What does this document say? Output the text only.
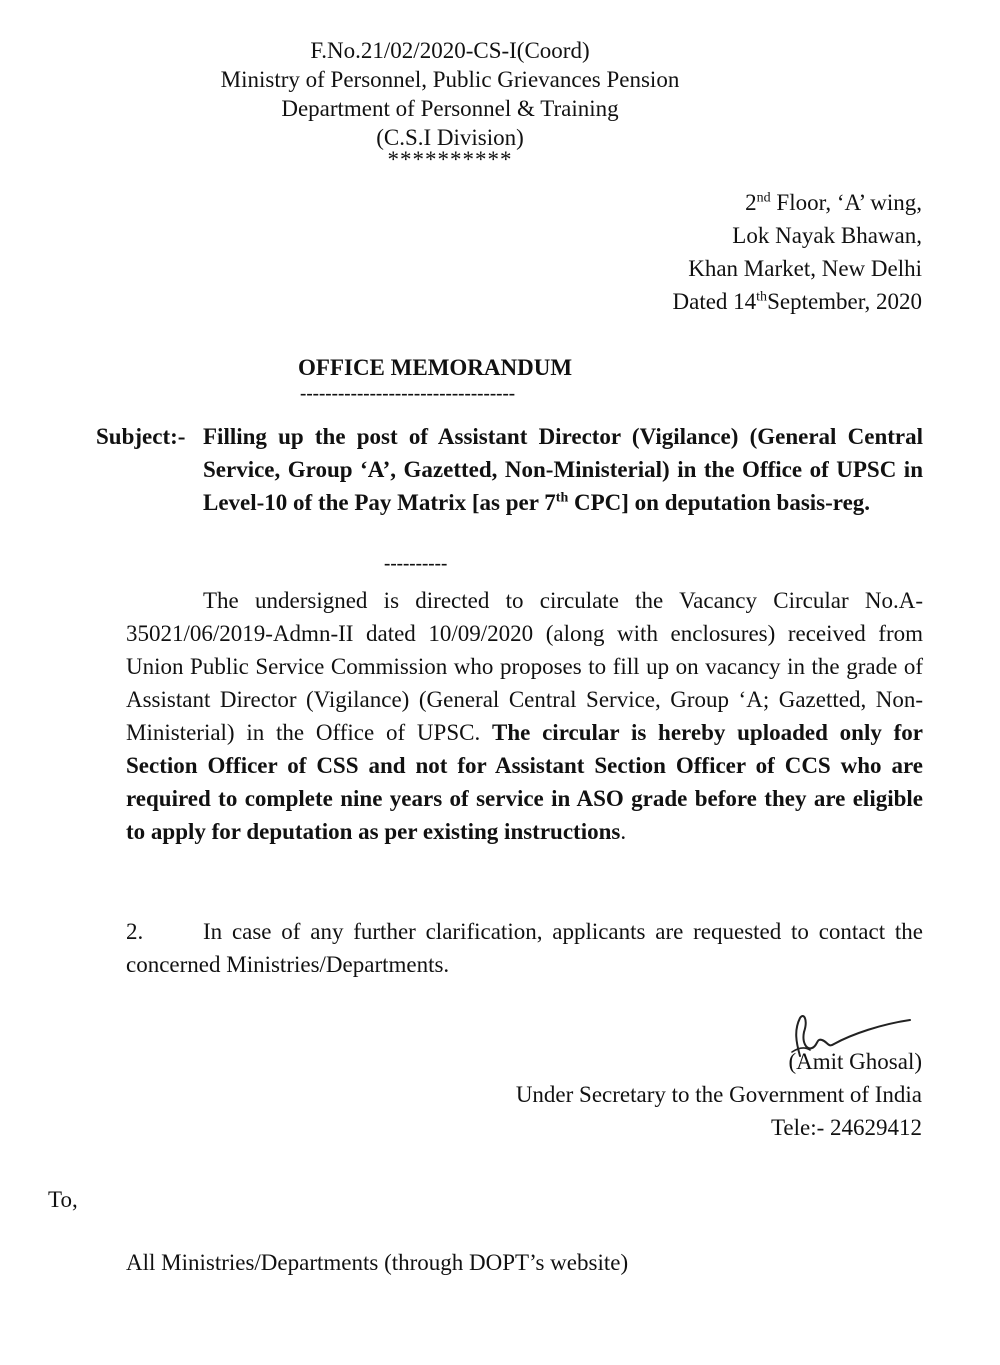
F.No.21/02/2020-CS-I(Coord)
Ministry of Personnel, Public Grievances Pension
Department of Personnel & Training
(C.S.I Division)
**********
2nd Floor, ‘A’ wing,
Lok Nayak Bhawan,
Khan Market, New Delhi
Dated 14thSeptember, 2020
OFFICE MEMORANDUM
----------------------------------
Subject:- Filling up the post of Assistant Director (Vigilance) (General Central Service, Group ‘A’, Gazetted, Non-Ministerial) in the Office of UPSC in Level-10 of the Pay Matrix [as per 7th CPC] on deputation basis-reg.
----------
The undersigned is directed to circulate the Vacancy Circular No.A-35021/06/2019-Admn-II dated 10/09/2020 (along with enclosures) received from Union Public Service Commission who proposes to fill up on vacancy in the grade of Assistant Director (Vigilance) (General Central Service, Group ‘A; Gazetted, Non-Ministerial) in the Office of UPSC. The circular is hereby uploaded only for Section Officer of CSS and not for Assistant Section Officer of CCS who are required to complete nine years of service in ASO grade before they are eligible to apply for deputation as per existing instructions.
2.	In case of any further clarification, applicants are requested to contact the concerned Ministries/Departments.
(Amit Ghosal)
Under Secretary to the Government of India
Tele:- 24629412
To,
All Ministries/Departments (through DOPT’s website)
